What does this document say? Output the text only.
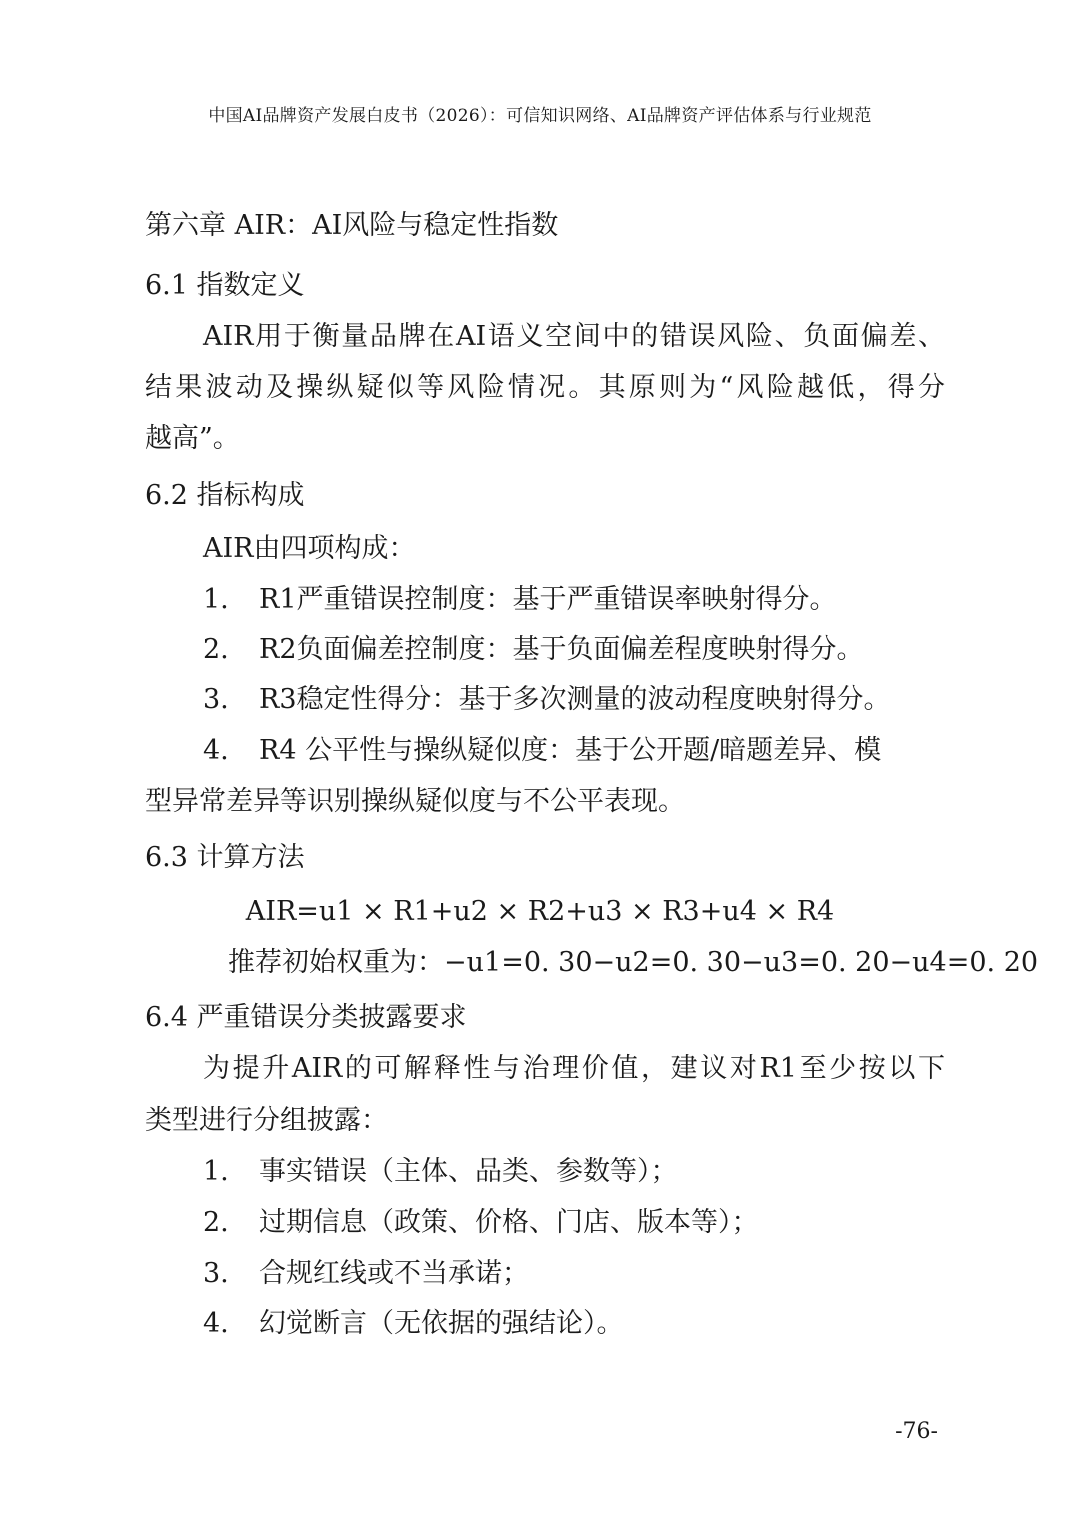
中国AI品牌资产发展白皮书（2026）：可信知识网络、AI品牌资产评估体系与行业规范
第六章 AIR：AI风险与稳定性指数
6.1 指数定义
AIR用于衡量品牌在AI语义空间中的错误风险、负面偏差、
结果波动及操纵疑似等风险情况。其原则为“风险越低，得分
越高”。
6.2 指标构成
AIR由四项构成：
1. R1严重错误控制度：基于严重错误率映射得分。
2. R2负面偏差控制度：基于负面偏差程度映射得分。
3. R3稳定性得分：基于多次测量的波动程度映射得分。
4. R4 公平性与操纵疑似度：基于公开题/暗题差异、模
型异常差异等识别操纵疑似度与不公平表现。
6.3 计算方法
AIR=u1 × R1+u2 × R2+u3 × R3+u4 × R4
推荐初始权重为：−u1=0. 30−u2=0. 30−u3=0. 20−u4=0. 20
6.4 严重错误分类披露要求
为提升AIR的可解释性与治理价值，建议对R1至少按以下
类型进行分组披露：
1. 事实错误（主体、品类、参数等）；
2. 过期信息（政策、价格、门店、版本等）；
3. 合规红线或不当承诺；
4. 幻觉断言（无依据的强结论）。
-76-
